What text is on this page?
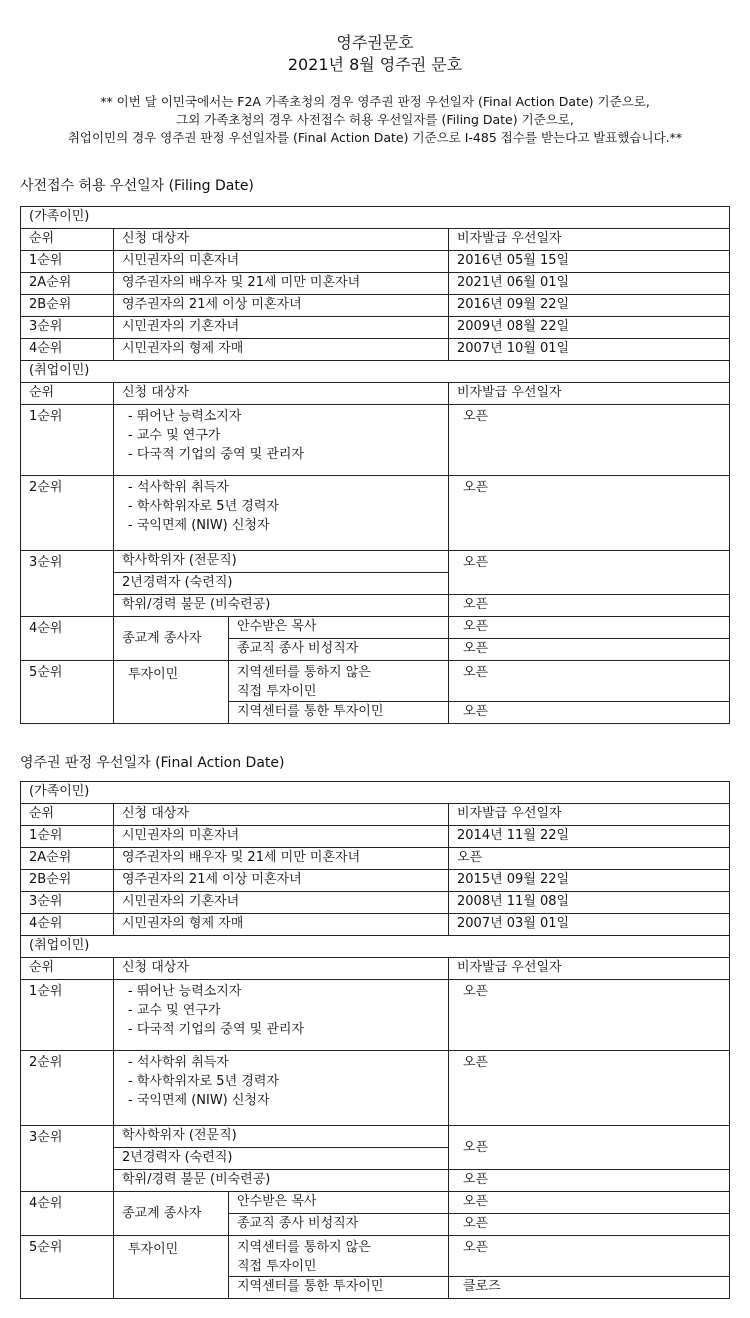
영주권문호
2021년 8월 영주권 문호
** 이번 달 이민국에서는 F2A 가족초청의 경우 영주권 판정 우선일자 (Final Action Date) 기준으로,
그외 가족초청의 경우 사전접수 허용 우선일자를 (Filing Date) 기준으로,
취업이민의 경우 영주권 판정 우선일자를 (Final Action Date) 기준으로 I-485 접수를 받는다고 발표했습니다.**
사전접수 허용 우선일자 (Filing Date)
(가족이민)			
순위	신청 대상자		비자발급 우선일자
1순위	시민권자의 미혼자녀		2016년 05월 15일
2A순위	영주권자의 배우자 및 21세 미만 미혼자녀		2021년 06월 01일
2B순위	영주권자의 21세 이상 미혼자녀		2016년 09월 22일
3순위	시민권자의 기혼자녀		2009년 08월 22일
4순위	시민권자의 형제 자매		2007년 10월 01일
(취업이민)			
순위	신청 대상자		비자발급 우선일자
1순위	- 뛰어난 능력소지자
- 교수 및 연구가
- 다국적 기업의 중역 및 관리자		오픈
2순위	- 석사학위 취득자
- 학사학위자로 5년 경력자
- 국익면제 (NIW) 신청자		오픈
3순위	학사학위자 (전문직)		오픈
	2년경력자 (숙련직)		
	학위/경력 불문 (비숙련공)		오픈
4순위	종교계 종사자	안수받은 목사	오픈
		종교직 종사 비성직자	오픈
5순위	투자이민	지역센터를 통하지 않은
직접 투자이민	오픈
		지역센터를 통한 투자이민	오픈
영주권 판정 우선일자 (Final Action Date)
(가족이민)			
순위	신청 대상자		비자발급 우선일자
1순위	시민권자의 미혼자녀		2014년 11월 22일
2A순위	영주권자의 배우자 및 21세 미만 미혼자녀		오픈
2B순위	영주권자의 21세 이상 미혼자녀		2015년 09월 22일
3순위	시민권자의 기혼자녀		2008년 11월 08일
4순위	시민권자의 형제 자매		2007년 03월 01일
(취업이민)			
순위	신청 대상자		비자발급 우선일자
1순위	- 뛰어난 능력소지자
- 교수 및 연구가
- 다국적 기업의 중역 및 관리자		오픈
2순위	- 석사학위 취득자
- 학사학위자로 5년 경력자
- 국익면제 (NIW) 신청자		오픈
3순위	학사학위자 (전문직)		오픈
	2년경력자 (숙련직)		
	학위/경력 불문 (비숙련공)		오픈
4순위	종교계 종사자	안수받은 목사	오픈
		종교직 종사 비성직자	오픈
5순위	투자이민	지역센터를 통하지 않은
직접 투자이민	오픈
		지역센터를 통한 투자이민	클로즈
